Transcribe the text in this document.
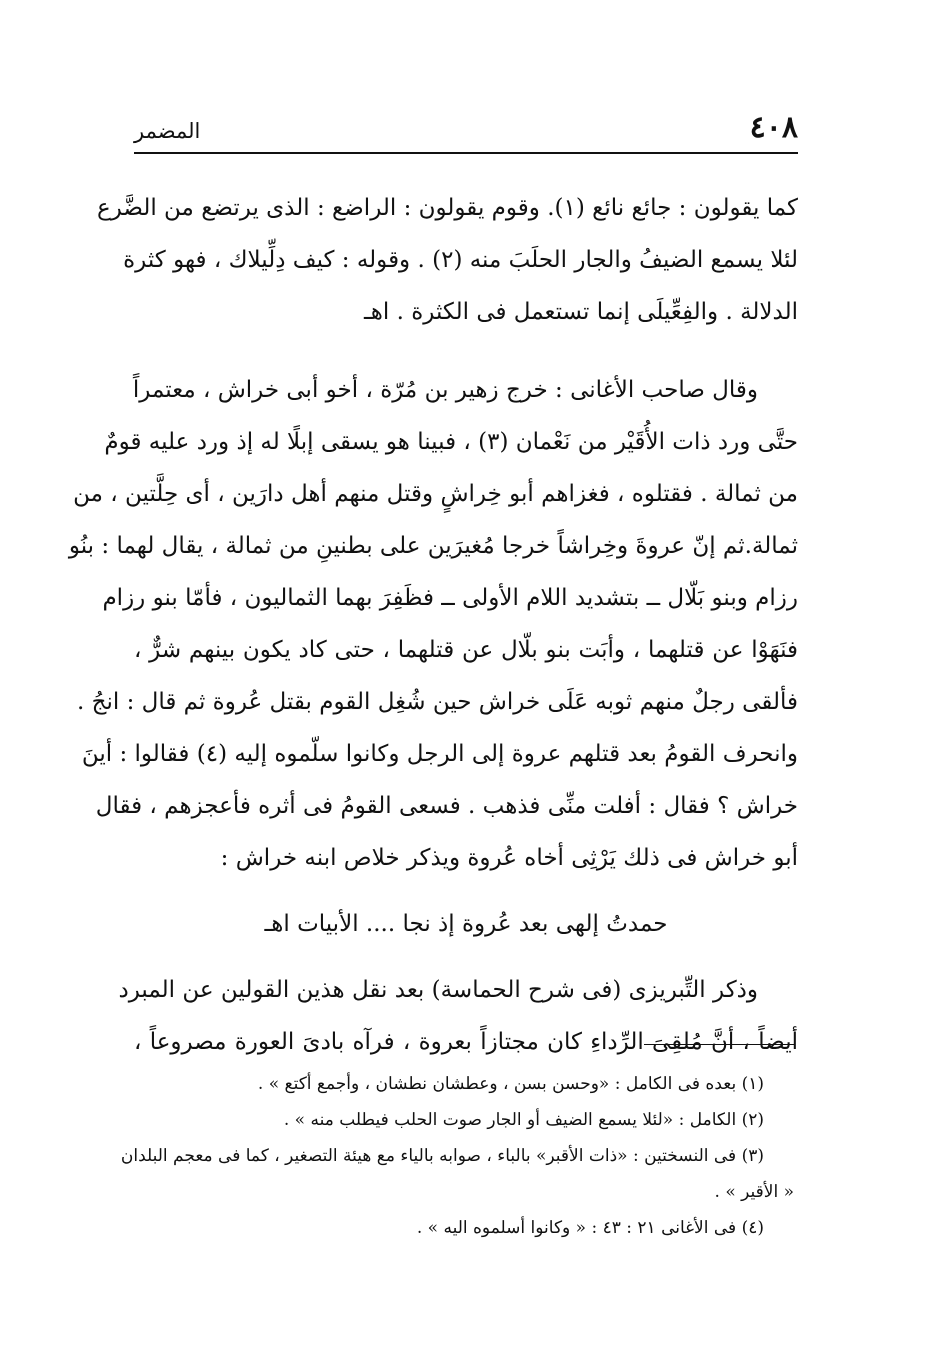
٤٠٨
المضمر
كما يقولون : جائع نائع (١). وقوم يقولون : الراضع : الذى يرتضع من الضَّرع
لئلا يسمع الضيفُ والجار الحلَبَ منه (٢) . وقوله : كيف دِلِّيلاك ، فهو كثرة
الدلالة . والفِعِّيلَى إنما تستعمل فى الكثرة . اهـ
وقال صاحب الأغانى : خرج زهير بن مُرّة ، أخو أبى خراش ، معتمراً
حتَّى ورد ذات الأُقَيْر من نَعْمان (٣) ، فبينا هو يسقى إبلًا له إذ ورد عليه قومٌ
من ثمالة . فقتلوه ، فغزاهم أبو خِراشٍ وقتل منهم أهل دارَين ، أى حِلَّتين ، من
ثمالة.ثم إنّ عروةَ وخِراشاً خرجا مُغيرَين على بطنينِ من ثمالة ، يقال لهما : بنُو
رزام وبنو بَلّال ــ بتشديد اللام الأولى ــ فظَفِرَ بهما الثماليون ، فأمّا بنو رزام
فنَهَوْا عن قتلهما ، وأبَت بنو بلّال عن قتلهما ، حتى كاد يكون بينهم شرٌّ ،
فألقى رجلٌ منهم ثوبه عَلَى خراش حين شُغِل القوم بقتل عُروة ثم قال : انجُ .
وانحرف القومُ بعد قتلهم عروة إلى الرجل وكانوا سلّموه إليه (٤) فقالوا : أينَ
خراش ؟ فقال : أفلت منِّى فذهب . فسعى القومُ فى أثره فأعجزهم ، فقال
أبو خراش فى ذلك يَرْثِى أخاه عُروة ويذكر خلاص ابنه خراش :
حمدتُ إلهى بعد عُروة إذ نجا .... الأبيات اهـ
وذكر التِّبريزى (فى شرح الحماسة) بعد نقل هذين القولين عن المبرد
أيضاً ، أنَّ مُلقِىَ الرِّداءِ كان مجتازاً بعروة ، فرآه بادىَ العورة مصروعاً ،
(١) بعده فى الكامل : «وحسن بسن ، وعطشان نطشان ، وأجمع أكتع » .
(٢) الكامل : «لئلا يسمع الضيف أو الجار صوت الحلب فيطلب منه » .
(٣) فى النسختين : «ذات الأقبر» بالباء ، صوابه بالياء مع هيئة التصغير ، كما فى معجم البلدان
« الأقير » .
(٤) فى الأغانى ٢١ : ٤٣ : « وكانوا أسلموه اليه » .
